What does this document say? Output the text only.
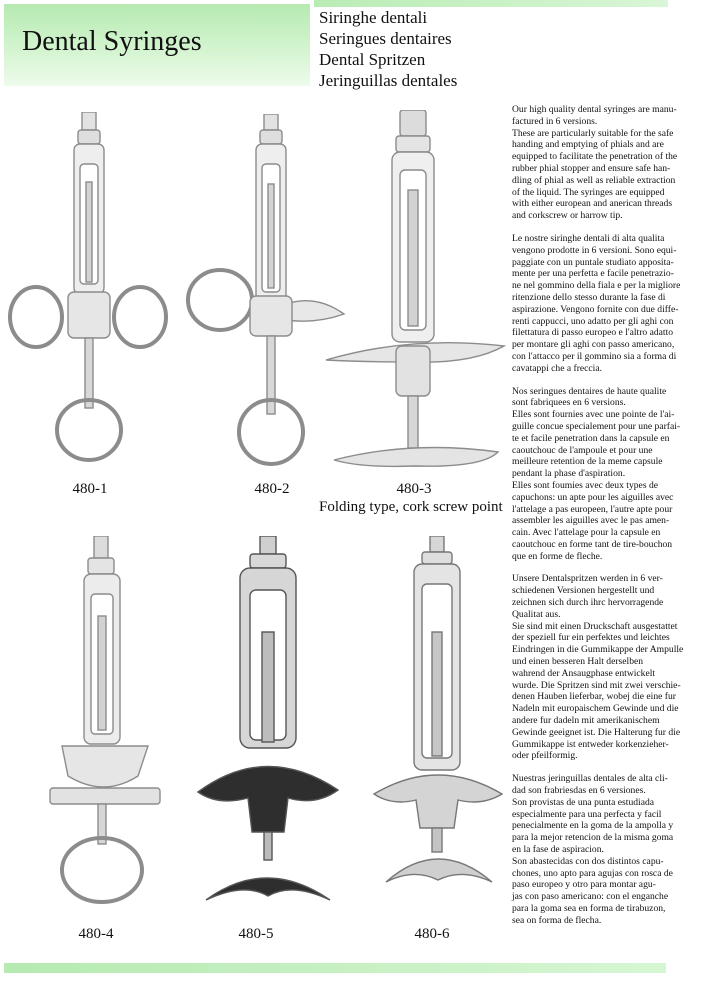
Dental Syringes
Siringhe dentali
Seringues dentaires
Dental Spritzen
Jeringuillas dentales
480-1	480-2	480-3
Folding type, cork screw point
480-4	480-5	480-6

Our high quality dental syringes are manu-
factured in 6 versions.
These are particularly suitable for the safe
handing and emptying of phials and are
equipped to facilitate the penetration of the
rubber phial stopper and ensure safe han-
dling of phial as well as reliable extraction
of the liquid. The syringes are equipped
with either european and anerican threads
and corkscrew or harrow tip.

Le nostre siringhe dentali di alta qualita
vengono prodotte in 6 versioni. Sono equi-
paggiate con un puntale studiato apposita-
mente per una perfetta e facile penetrazio-
ne nel gommino della fiala e per la migliore
ritenzione dello stesso durante la fase di
aspirazione. Vengono fornite con due diffe-
renti cappucci, uno adatto per gli aghi con
filettatura di passo europeo e l'altro adatto
per montare gli aghi con passo americano,
con l'attacco per il gommino sia a forma di
cavatappi che a freccia.

Nos seringues dentaires de haute qualite
sont fabriquees en 6 versions.
Elles sont fournies avec une pointe de l'ai-
guille concue specialement pour une parfai-
te et facile penetration dans la capsule en
caoutchouc de l'ampoule et pour une
meilleure retention de la meme capsule
pendant la phase d'aspiration.
Elles sont foumies avec deux types de
capuchons: un apte pour les aiguilles avec
l'attelage a pas europeen, l'autre apte pour
assembler les aiguilles avec le pas amen-
cain. Avec l'attelage pour la capsule en
caoutchouc en forme tant de tire-bouchon
que en forme de fleche.

Unsere Dentalspritzen werden in 6 ver-
schiedenen Versionen hergestellt und
zeichnen sich durch ihrc hervorragende
Qualitat aus.
Sie sind mit einen Druckschaft ausgestattet
der speziell fur ein perfektes und leichtes
Eindringen in die Gummikappe der Ampulle
und einen besseren Halt derselben
wahrend der Ansaugphase entwickelt
wurde. Die Spritzen sind mit zwei verschie-
denen Hauben lieferbar, wobej die eine fur
Nadeln mit europaischem Gewinde und die
andere fur dadeln mit amerikanischem
Gewinde geeignet ist. Die Halterung fur die
Gummikappe ist entweder korkenzieher-
oder pfeilformig.

Nuestras jeringuillas dentales de alta cli-
dad son frabriesdas en 6 versiones.
Son provistas de una punta estudiada
especialmente para una perfecta y facil
penecialmente en la goma de la ampolla y
para la mejor retencion de la misma goma
en la fase de aspiracion.
Son abastecidas con dos distintos capu-
chones, uno apto para agujas con rosca de
paso europeo y otro para montar agu-
jas con paso americano: con el enganche
para la goma sea en forma de tirabuzon,
sea on forma de flecha.
